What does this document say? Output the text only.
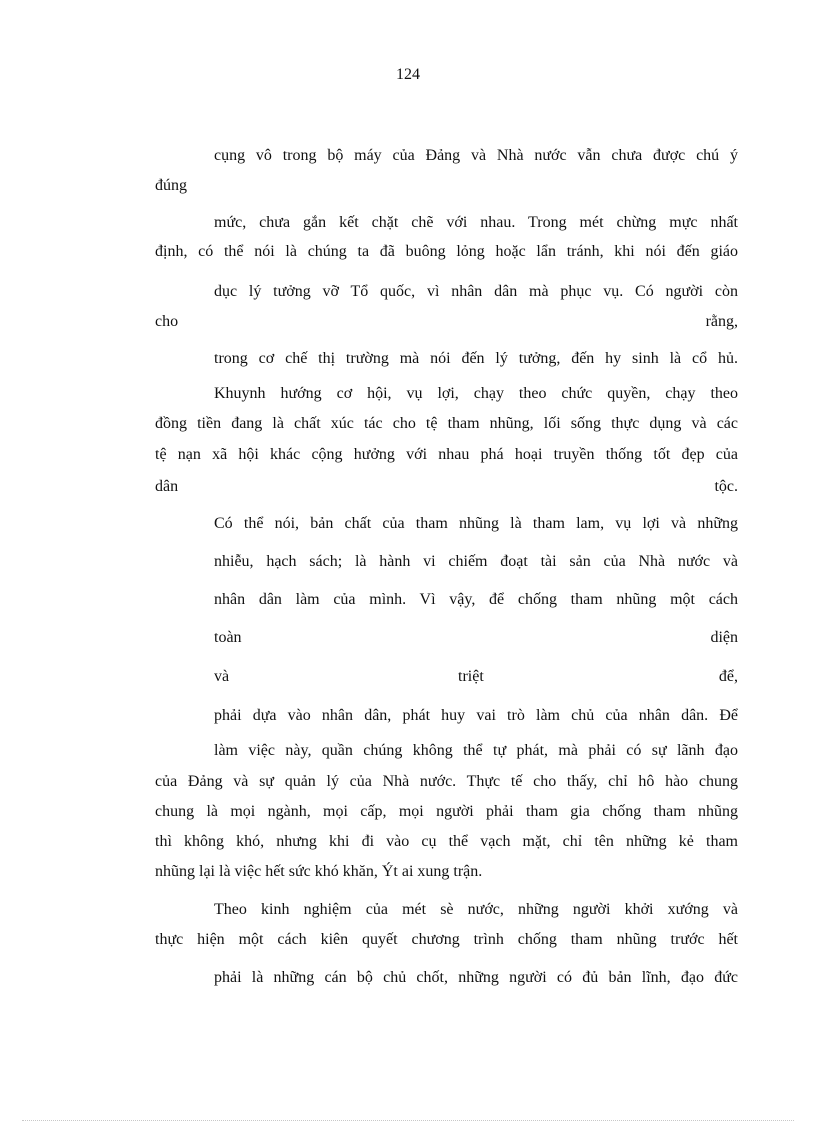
124
cụng vô trong bộ máy của Đảng và Nhà nước vẫn chưa được chú ý
đúng
mức, chưa gắn kết chặt chẽ với nhau. Trong mét chừng mực nhất
định, có thể nói là chúng ta đã buông lỏng hoặc lẩn tránh, khi nói đến giáo
dục lý tưởng vỡ Tổ quốc, vì nhân dân mà phục vụ. Có người còn
cho	rằng,
trong cơ chế thị trường mà nói đến lý tưởng, đến hy sinh là cổ hủ.
Khuynh hướng cơ hội, vụ lợi, chạy theo chức quyền, chạy theo
đồng tiền đang là chất xúc tác cho tệ tham nhũng, lối sống thực dụng và các
tệ nạn xã hội khác cộng hưởng với nhau phá hoại truyền thống tốt đẹp của
dân	tộc.
Có thể nói, bản chất của tham nhũng là tham lam, vụ lợi và những
nhiễu, hạch sách; là hành vi chiếm đoạt tài sản của Nhà nước và
nhân dân làm của mình. Vì vậy, để chống tham nhũng một cách
toàn	diện
và	triệt	để,
phải dựa vào nhân dân, phát huy vai trò làm chủ của nhân dân. Để
làm việc này, quần chúng không thể tự phát, mà phải có sự lãnh đạo
của Đảng và sự quản lý của Nhà nước. Thực tế cho thấy, chỉ hô hào chung
chung là mọi ngành, mọi cấp, mọi người phải tham gia chống tham nhũng
thì không khó, nhưng khi đi vào cụ thể vạch mặt, chỉ tên những kẻ tham
nhũng lại là việc hết sức khó khăn, Ýt ai xung trận.
Theo kinh nghiệm của mét sè nước, những người khởi xướng và
thực hiện một cách kiên quyết chương trình chống tham nhũng trước hết
phải là những cán bộ chủ chốt, những người có đủ bản lĩnh, đạo đức
